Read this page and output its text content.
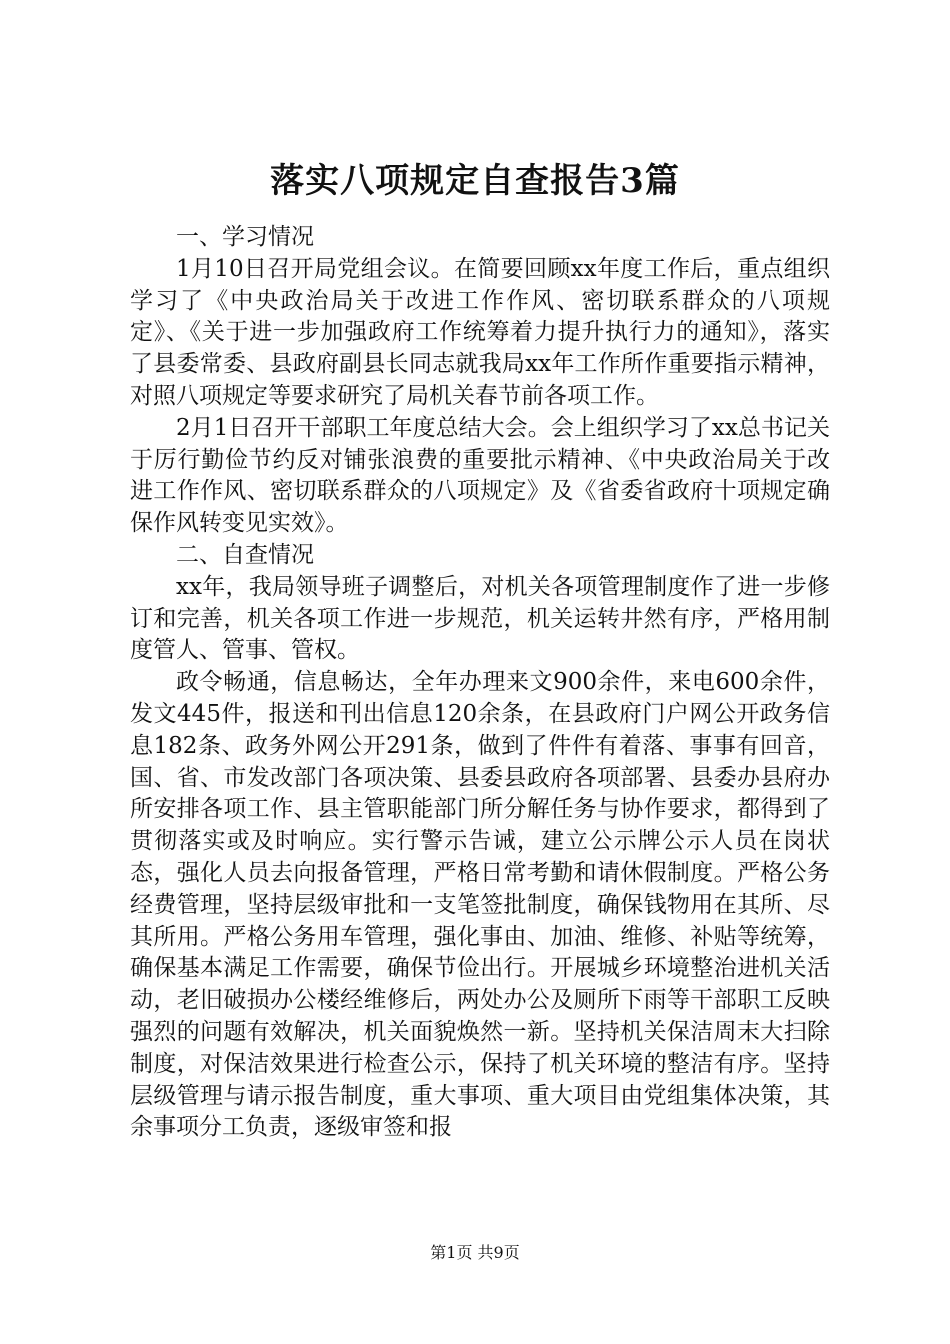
落实八项规定自查报告3篇

一、学习情况

1月10日召开局党组会议。在简要回顾xx年度工作后，重点组织学习了《中央政治局关于改进工作作风、密切联系群众的八项规定》、《关于进一步加强政府工作统筹着力提升执行力的通知》，落实了县委常委、县政府副县长同志就我局xx年工作所作重要指示精神，对照八项规定等要求研究了局机关春节前各项工作。

2月1日召开干部职工年度总结大会。会上组织学习了xx总书记关于厉行勤俭节约反对铺张浪费的重要批示精神、《中央政治局关于改进工作作风、密切联系群众的八项规定》及《省委省政府十项规定确保作风转变见实效》。

二、自查情况

xx年，我局领导班子调整后，对机关各项管理制度作了进一步修订和完善，机关各项工作进一步规范，机关运转井然有序，严格用制度管人、管事、管权。

政令畅通，信息畅达，全年办理来文900余件，来电600余件，发文445件，报送和刊出信息120余条，在县政府门户网公开政务信息182条、政务外网公开291条，做到了件件有着落、事事有回音，国、省、市发改部门各项决策、县委县政府各项部署、县委办县府办所安排各项工作、县主管职能部门所分解任务与协作要求，都得到了贯彻落实或及时响应。实行警示告诫，建立公示牌公示人员在岗状态，强化人员去向报备管理，严格日常考勤和请休假制度。严格公务经费管理，坚持层级审批和一支笔签批制度，确保钱物用在其所、尽其所用。严格公务用车管理，强化事由、加油、维修、补贴等统筹，确保基本满足工作需要，确保节俭出行。开展城乡环境整治进机关活动，老旧破损办公楼经维修后，两处办公及厕所下雨等干部职工反映强烈的问题有效解决，机关面貌焕然一新。坚持机关保洁周末大扫除制度，对保洁效果进行检查公示，保持了机关环境的整洁有序。坚持层级管理与请示报告制度，重大事项、重大项目由党组集体决策，其余事项分工负责，逐级审签和报

第1页 共9页
